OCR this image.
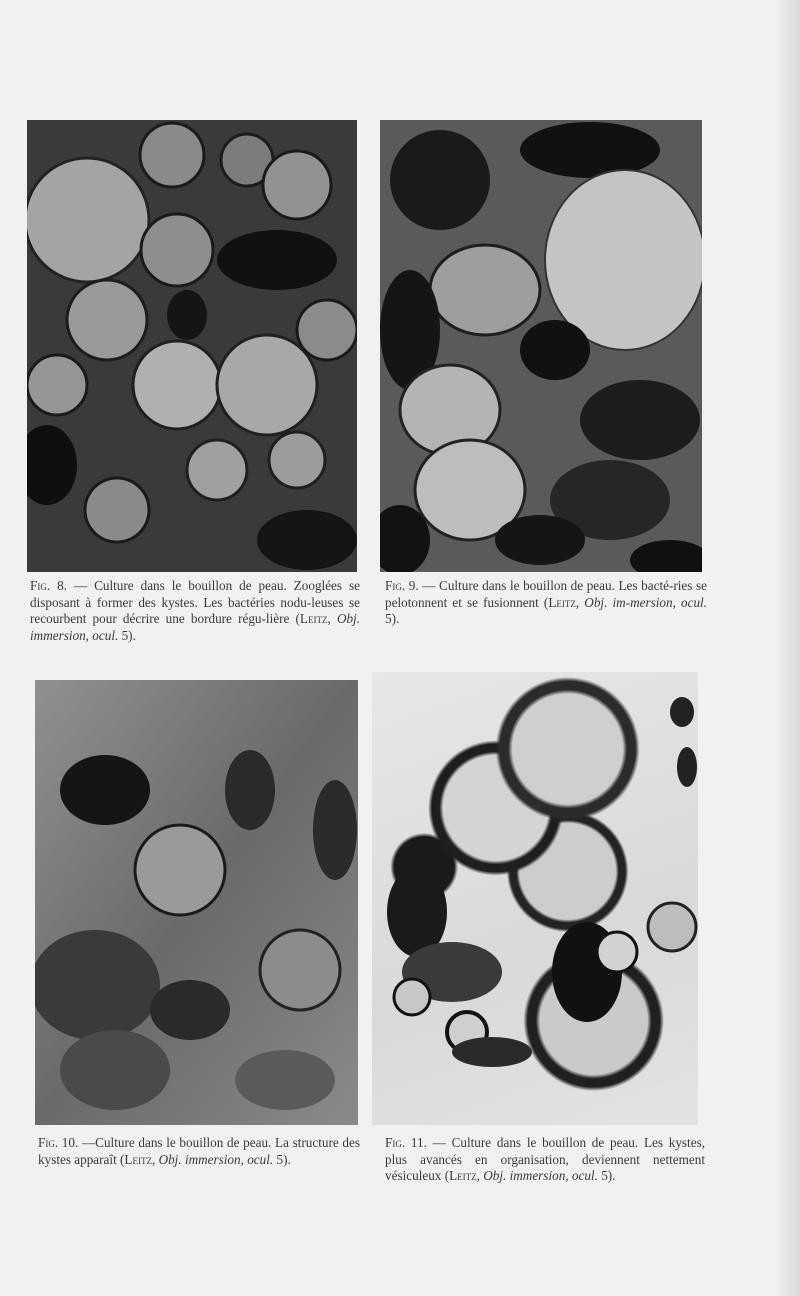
Fig. 8. — Culture dans le bouillon de peau. Zooglées se disposant à former des kystes. Les bactéries nodu-leuses se recourbent pour décrire une bordure régu-lière (Leitz, Obj. immersion, ocul. 5).

Fig. 9. — Culture dans le bouillon de peau. Les bacté-ries se pelotonnent et se fusionnent (Leitz, Obj. im-mersion, ocul. 5).

Fig. 10. —Culture dans le bouillon de peau. La structure des kystes apparaît (Leitz, Obj. immersion, ocul. 5).

Fig. 11. — Culture dans le bouillon de peau. Les kystes, plus avancés en organisation, deviennent nettement vésiculeux (Leitz, Obj. immersion, ocul. 5).
